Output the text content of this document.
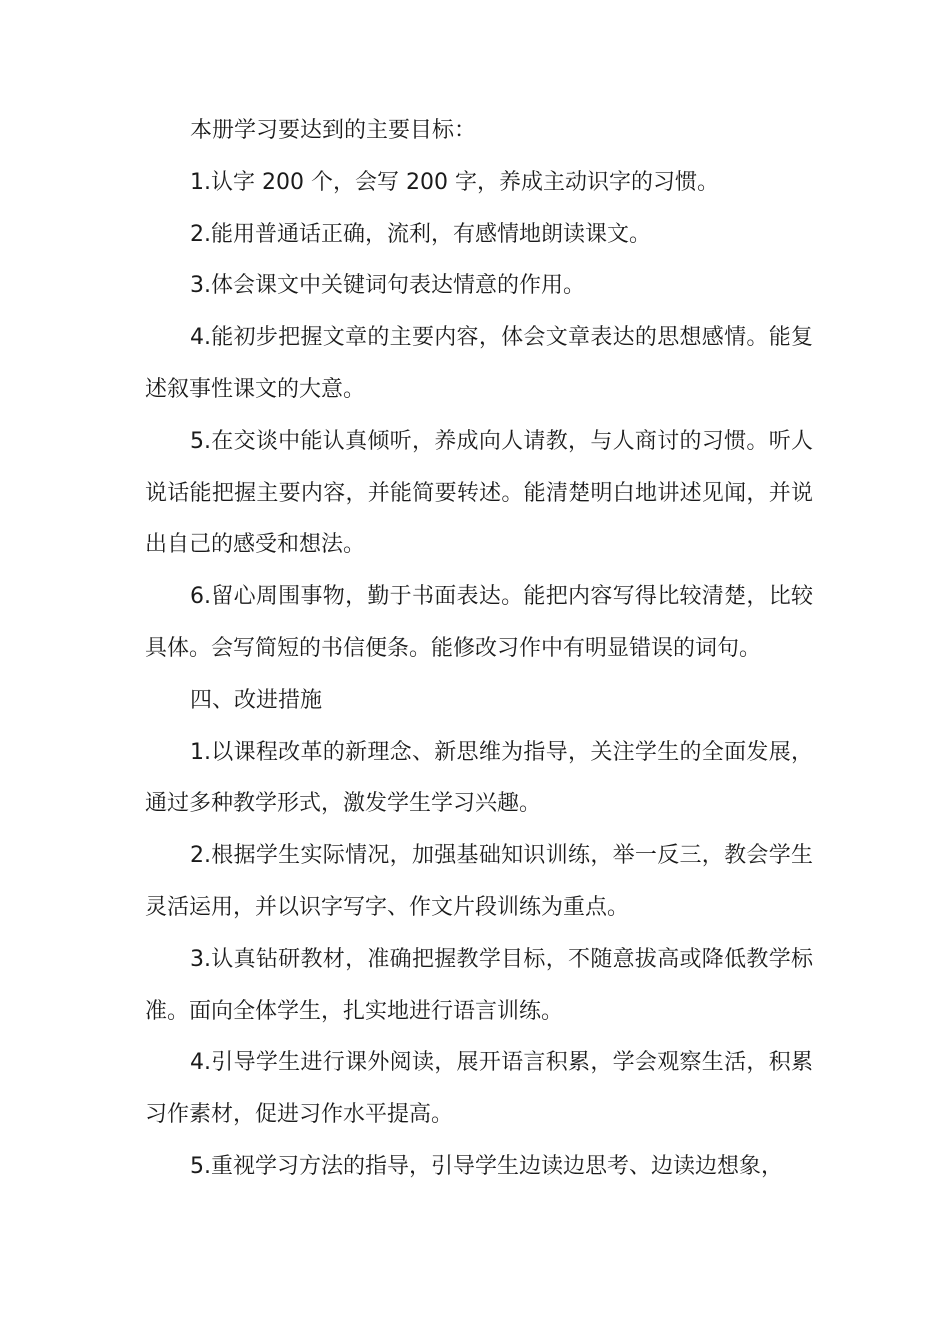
本册学习要达到的主要目标：

1.认字 200 个，会写 200 字，养成主动识字的习惯。

2.能用普通话正确，流利，有感情地朗读课文。

3.体会课文中关键词句表达情意的作用。

4.能初步把握文章的主要内容，体会文章表达的思想感情。能复述叙事性课文的大意。

5.在交谈中能认真倾听，养成向人请教，与人商讨的习惯。听人说话能把握主要内容，并能简要转述。能清楚明白地讲述见闻，并说出自己的感受和想法。

6.留心周围事物，勤于书面表达。能把内容写得比较清楚，比较具体。会写简短的书信便条。能修改习作中有明显错误的词句。

四、改进措施

1.以课程改革的新理念、新思维为指导，关注学生的全面发展，通过多种教学形式，激发学生学习兴趣。

2.根据学生实际情况，加强基础知识训练，举一反三，教会学生灵活运用，并以识字写字、作文片段训练为重点。

3.认真钻研教材，准确把握教学目标，不随意拔高或降低教学标准。面向全体学生，扎实地进行语言训练。

4.引导学生进行课外阅读，展开语言积累，学会观察生活，积累习作素材，促进习作水平提高。

5.重视学习方法的指导，引导学生边读边思考、边读边想象，
